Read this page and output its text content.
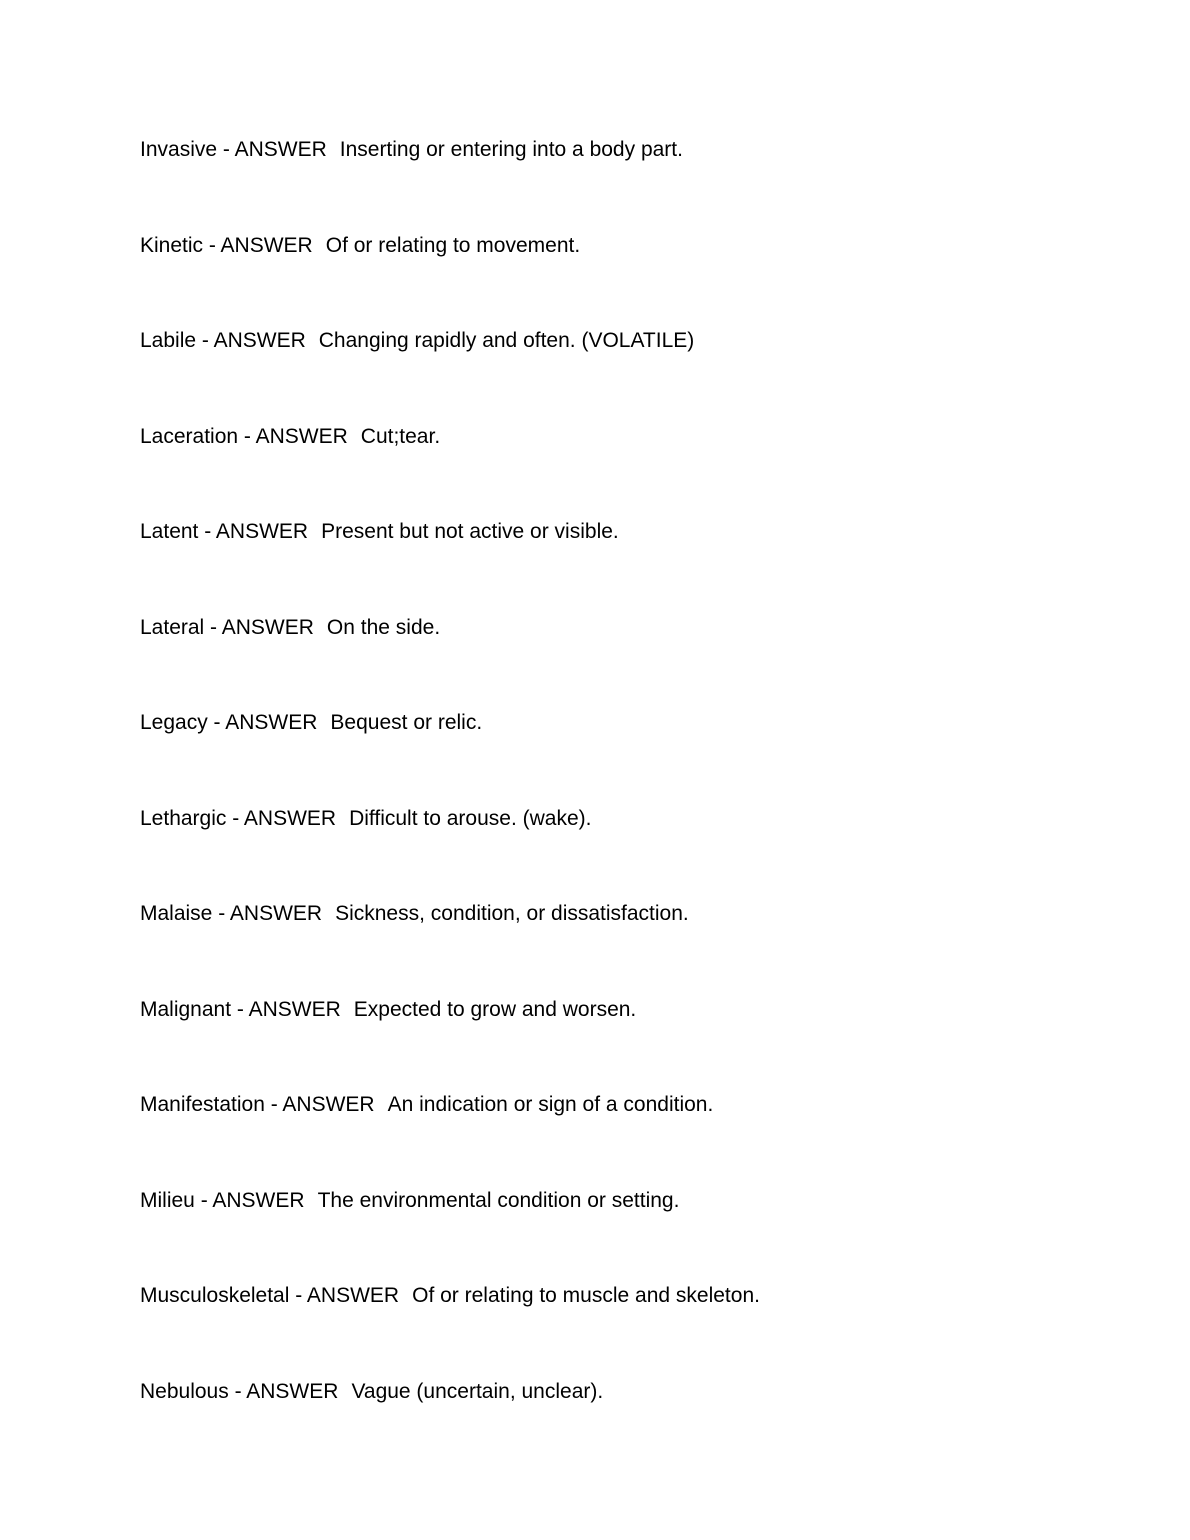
Invasive - ANSWER Inserting or entering into a body part.

Kinetic - ANSWER Of or relating to movement.

Labile - ANSWER Changing rapidly and often. (VOLATILE)

Laceration - ANSWER Cut;tear.

Latent - ANSWER Present but not active or visible.

Lateral - ANSWER On the side.

Legacy - ANSWER Bequest or relic.

Lethargic - ANSWER Difficult to arouse. (wake).

Malaise - ANSWER Sickness, condition, or dissatisfaction.

Malignant - ANSWER Expected to grow and worsen.

Manifestation - ANSWER An indication or sign of a condition.

Milieu - ANSWER The environmental condition or setting.

Musculoskeletal - ANSWER Of or relating to muscle and skeleton.

Nebulous - ANSWER Vague (uncertain, unclear).
